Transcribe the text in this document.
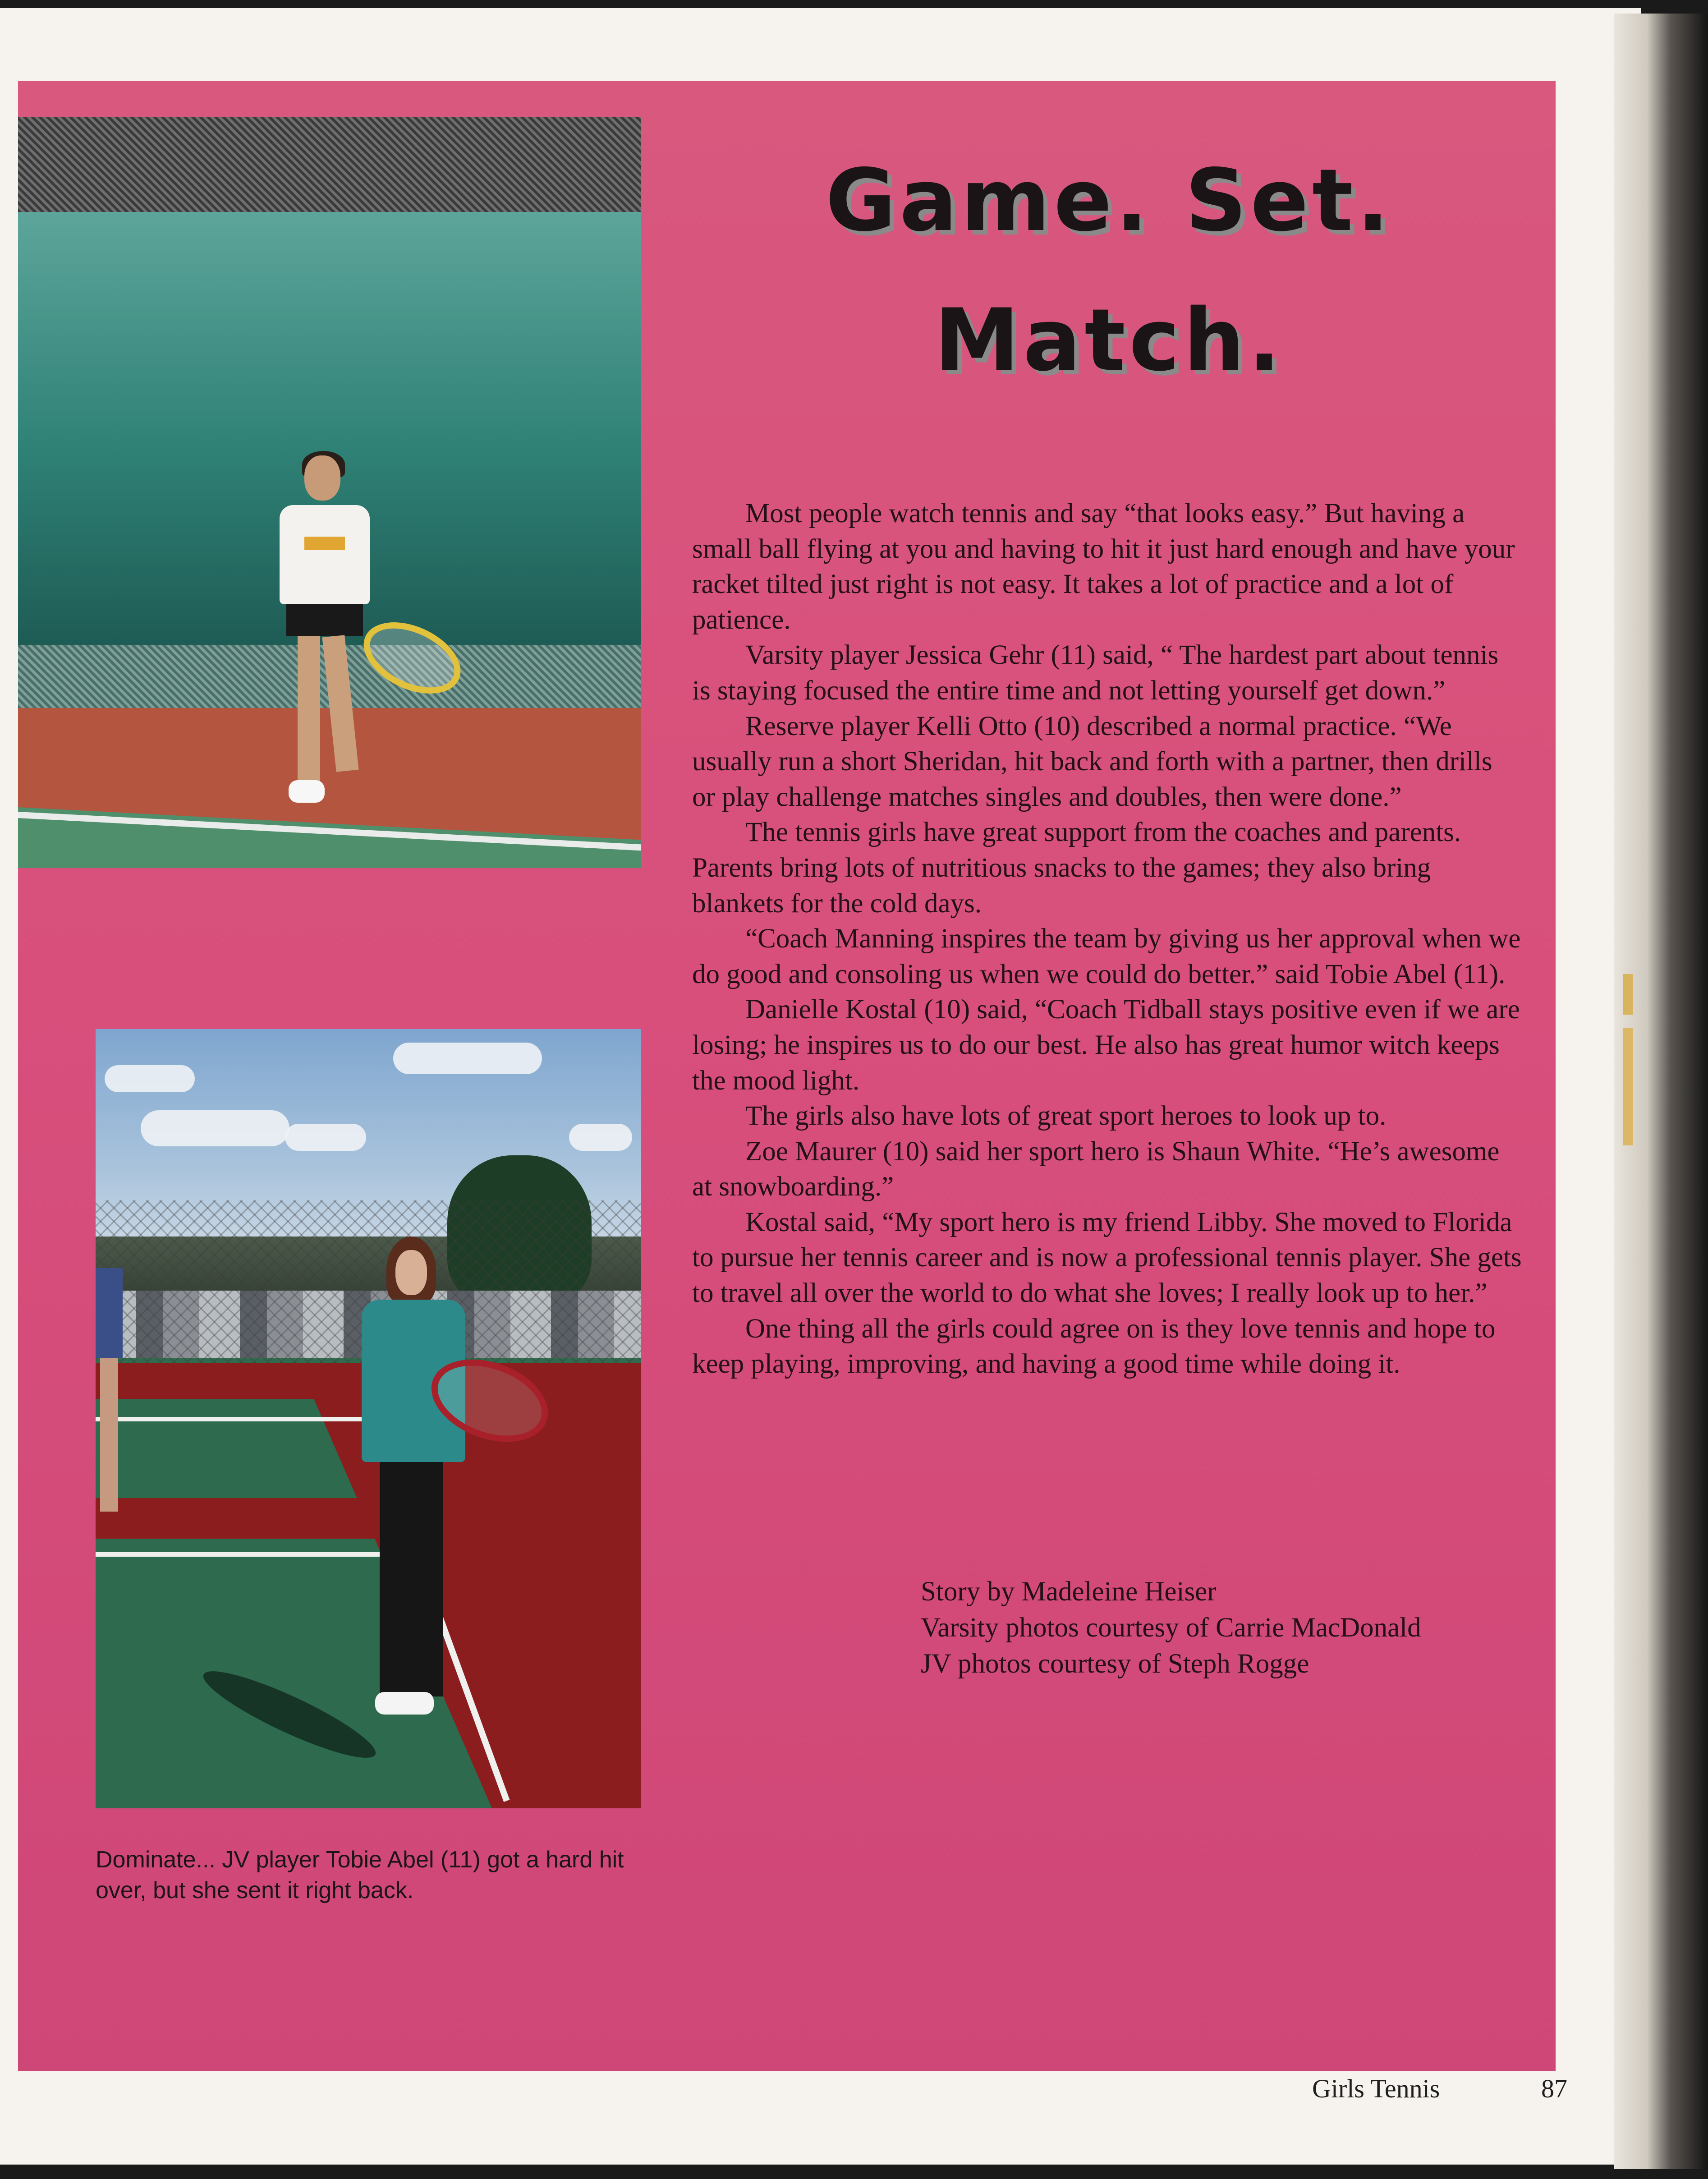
Game. Set.
Match.

Most people watch tennis and say “that looks easy.” But having a small ball flying at you and having to hit it just hard enough and have your racket tilted just right is not easy. It takes a lot of practice and a lot of patience.

Varsity player Jessica Gehr (11) said, “ The hardest part about tennis is staying focused the entire time and not letting yourself get down.”

Reserve player Kelli Otto (10) described a normal practice. “We usually run a short Sheridan, hit back and forth with a partner, then drills or play challenge matches singles and doubles, then were done.”

The tennis girls have great support from the coaches and parents. Parents bring lots of nutritious snacks to the games; they also bring blankets for the cold days.

“Coach Manning inspires the team by giving us her approval when we do good and consoling us when we could do better.” said Tobie Abel (11).

Danielle Kostal (10) said, “Coach Tidball stays positive even if we are losing; he inspires us to do our best. He also has great humor witch keeps the mood light.

The girls also have lots of great sport heroes to look up to.

Zoe Maurer (10) said her sport hero is Shaun White. “He’s awesome at snowboarding.”

Kostal said, “My sport hero is my friend Libby. She moved to Florida to pursue her tennis career and is now a professional tennis player. She gets to travel all over the world to do what she loves; I really look up to her.”

One thing all the girls could agree on is they love tennis and hope to keep playing, improving, and having a good time while doing it.

Story by Madeleine Heiser
Varsity photos courtesy of Carrie MacDonald
JV photos courtesy of Steph Rogge

Dominate... JV player Tobie Abel (11) got a hard hit over, but she sent it right back.

Girls Tennis	87
